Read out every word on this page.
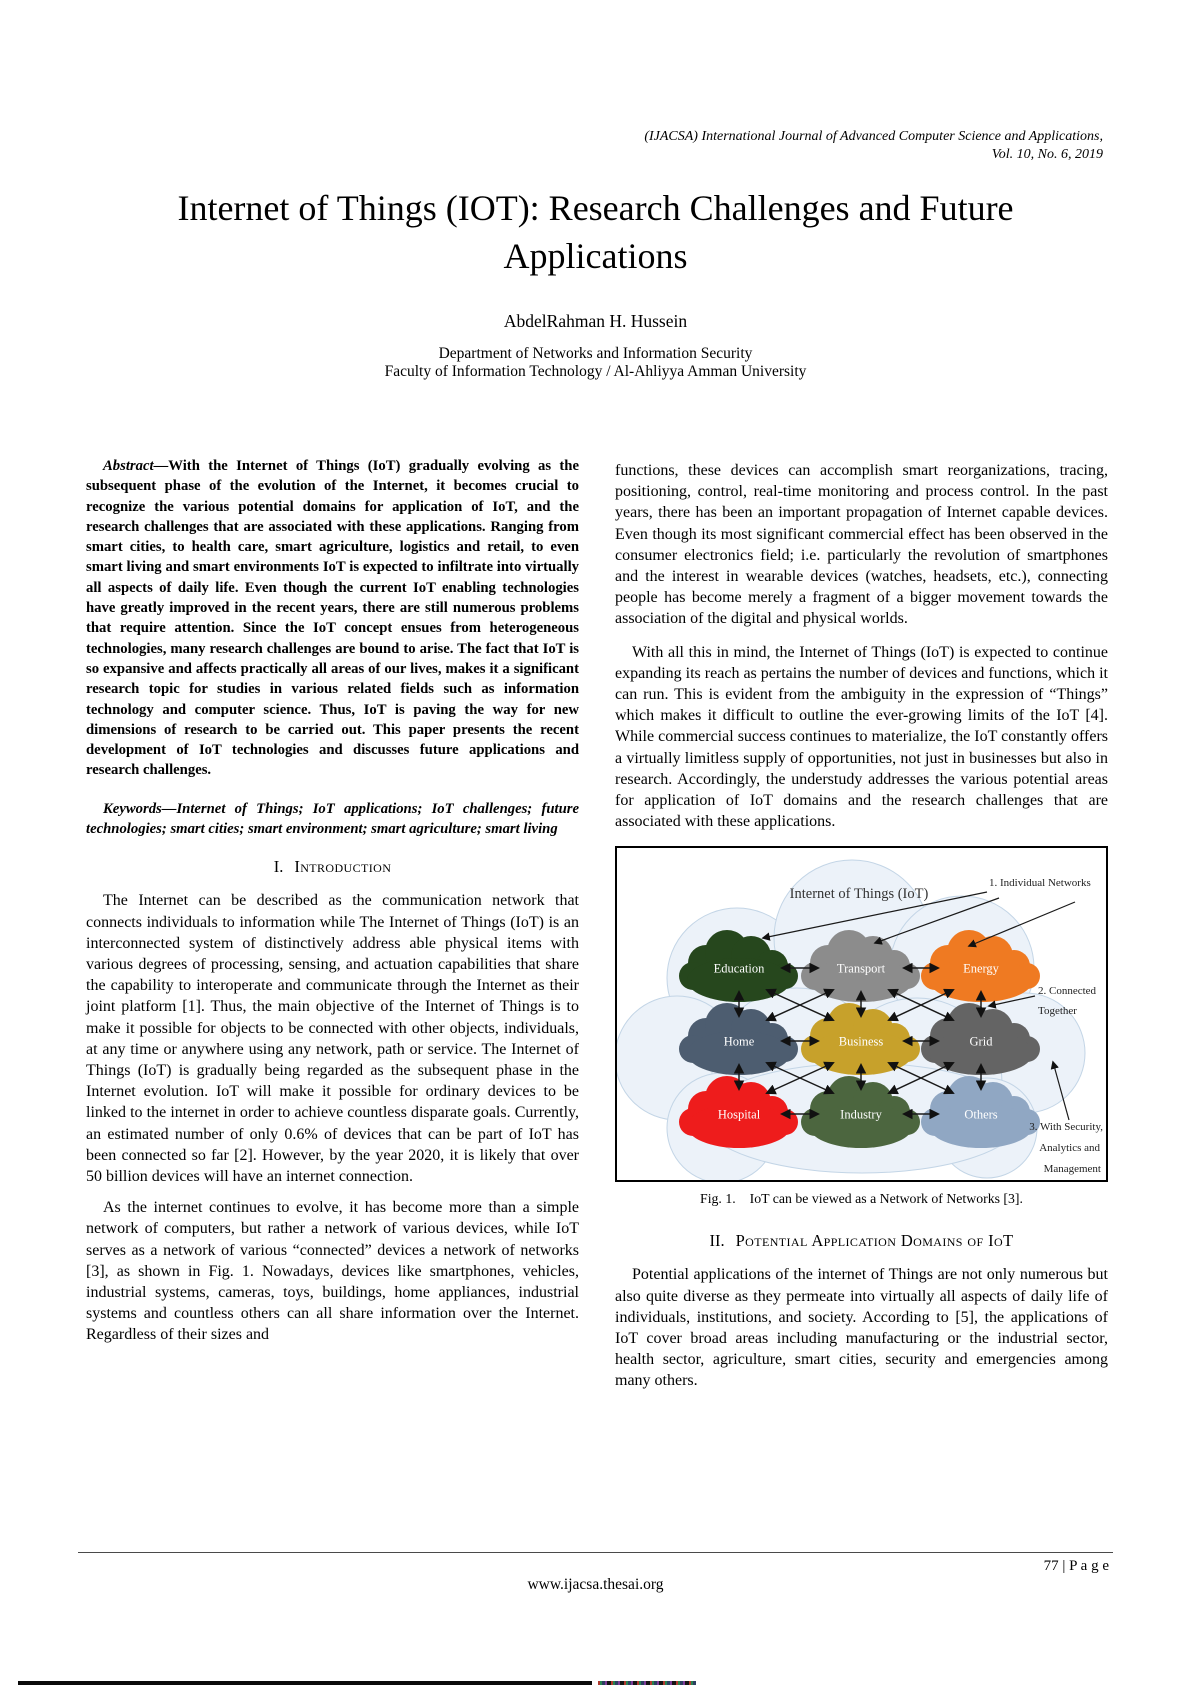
(IJACSA) International Journal of Advanced Computer Science and Applications,
Vol. 10, No. 6, 2019
Internet of Things (IOT): Research Challenges and Future Applications
AbdelRahman H. Hussein
Department of Networks and Information Security
Faculty of Information Technology / Al-Ahliyya Amman University

Abstract—With the Internet of Things (IoT) gradually evolving as the subsequent phase of the evolution of the Internet, it becomes crucial to recognize the various potential domains for application of IoT, and the research challenges that are associated with these applications. Ranging from smart cities, to health care, smart agriculture, logistics and retail, to even smart living and smart environments IoT is expected to infiltrate into virtually all aspects of daily life. Even though the current IoT enabling technologies have greatly improved in the recent years, there are still numerous problems that require attention. Since the IoT concept ensues from heterogeneous technologies, many research challenges are bound to arise. The fact that IoT is so expansive and affects practically all areas of our lives, makes it a significant research topic for studies in various related fields such as information technology and computer science. Thus, IoT is paving the way for new dimensions of research to be carried out. This paper presents the recent development of IoT technologies and discusses future applications and research challenges.

Keywords—Internet of Things; IoT applications; IoT challenges; future technologies; smart cities; smart environment; smart agriculture; smart living

I. Introduction

The Internet can be described as the communication network that connects individuals to information while The Internet of Things (IoT) is an interconnected system of distinctively address able physical items with various degrees of processing, sensing, and actuation capabilities that share the capability to interoperate and communicate through the Internet as their joint platform [1]. Thus, the main objective of the Internet of Things is to make it possible for objects to be connected with other objects, individuals, at any time or anywhere using any network, path or service. The Internet of Things (IoT) is gradually being regarded as the subsequent phase in the Internet evolution. IoT will make it possible for ordinary devices to be linked to the internet in order to achieve countless disparate goals. Currently, an estimated number of only 0.6% of devices that can be part of IoT has been connected so far [2]. However, by the year 2020, it is likely that over 50 billion devices will have an internet connection.

As the internet continues to evolve, it has become more than a simple network of computers, but rather a network of various devices, while IoT serves as a network of various “connected” devices a network of networks [3], as shown in Fig. 1. Nowadays, devices like smartphones, vehicles, industrial systems, cameras, toys, buildings, home appliances, industrial systems and countless others can all share information over the Internet. Regardless of their sizes and

functions, these devices can accomplish smart reorganizations, tracing, positioning, control, real-time monitoring and process control. In the past years, there has been an important propagation of Internet capable devices. Even though its most significant commercial effect has been observed in the consumer electronics field; i.e. particularly the revolution of smartphones and the interest in wearable devices (watches, headsets, etc.), connecting people has become merely a fragment of a bigger movement towards the association of the digital and physical worlds.

With all this in mind, the Internet of Things (IoT) is expected to continue expanding its reach as pertains the number of devices and functions, which it can run. This is evident from the ambiguity in the expression of “Things” which makes it difficult to outline the ever-growing limits of the IoT [4]. While commercial success continues to materialize, the IoT constantly offers a virtually limitless supply of opportunities, not just in businesses but also in research. Accordingly, the understudy addresses the various potential areas for application of IoT domains and the research challenges that are associated with these applications.

Internet of Things (IoT)
Education	Transport	Energy
Home	Business	Grid
Hospital	Industry	Others
1. Individual Networks
2. Connected
Together
3. With Security,
Analytics and
Management
Fig. 1. IoT can be viewed as a Network of Networks [3].
II. Potential Application Domains of IoT

Potential applications of the internet of Things are not only numerous but also quite diverse as they permeate into virtually all aspects of daily life of individuals, institutions, and society. According to [5], the applications of IoT cover broad areas including manufacturing or the industrial sector, health sector, agriculture, smart cities, security and emergencies among many others.

77 | P a g e
www.ijacsa.thesai.org
